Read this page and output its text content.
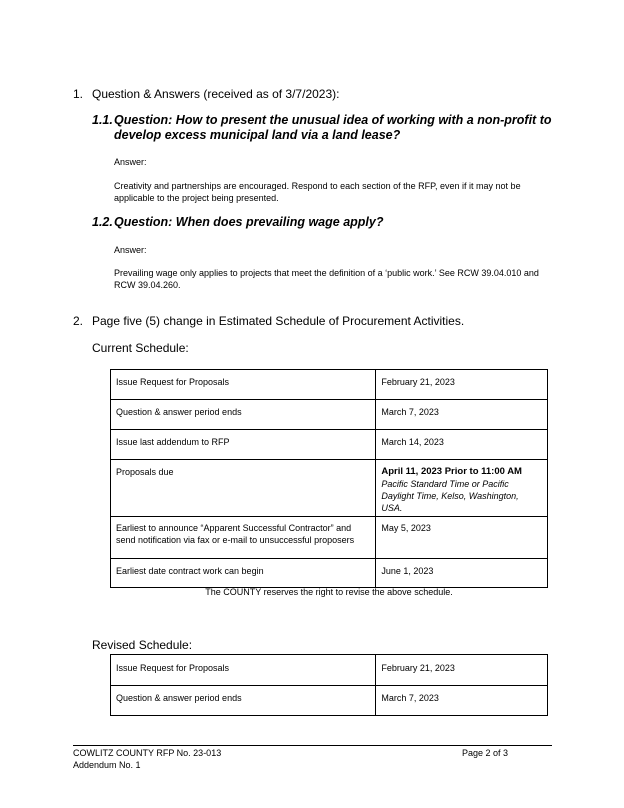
1. Question & Answers (received as of 3/7/2023):
1.1. Question: How to present the unusual idea of working with a non-profit to develop excess municipal land via a land lease?
Answer:
Creativity and partnerships are encouraged. Respond to each section of the RFP, even if it may not be applicable to the project being presented.
1.2. Question: When does prevailing wage apply?
Answer:
Prevailing wage only applies to projects that meet the definition of a ‘public work.’ See RCW 39.04.010 and RCW 39.04.260.
2. Page five (5) change in Estimated Schedule of Procurement Activities.
Current Schedule:
Issue Request for Proposals	February 21, 2023
Question & answer period ends	March 7, 2023
Issue last addendum to RFP	March 14, 2023
Proposals due	April 11, 2023 Prior to 11:00 AM
Pacific Standard Time or Pacific Daylight Time, Kelso, Washington, USA.

Earliest to announce “Apparent Successful Contractor” and send notification via fax or e-mail to unsuccessful proposers	May 5, 2023
Earliest date contract work can begin	June 1, 2023
The COUNTY reserves the right to revise the above schedule.
Revised Schedule:
Issue Request for Proposals	February 21, 2023
Question & answer period ends	March 7, 2023
COWLITZ COUNTY RFP No. 23-013
Addendum No. 1
Page 2 of 3
